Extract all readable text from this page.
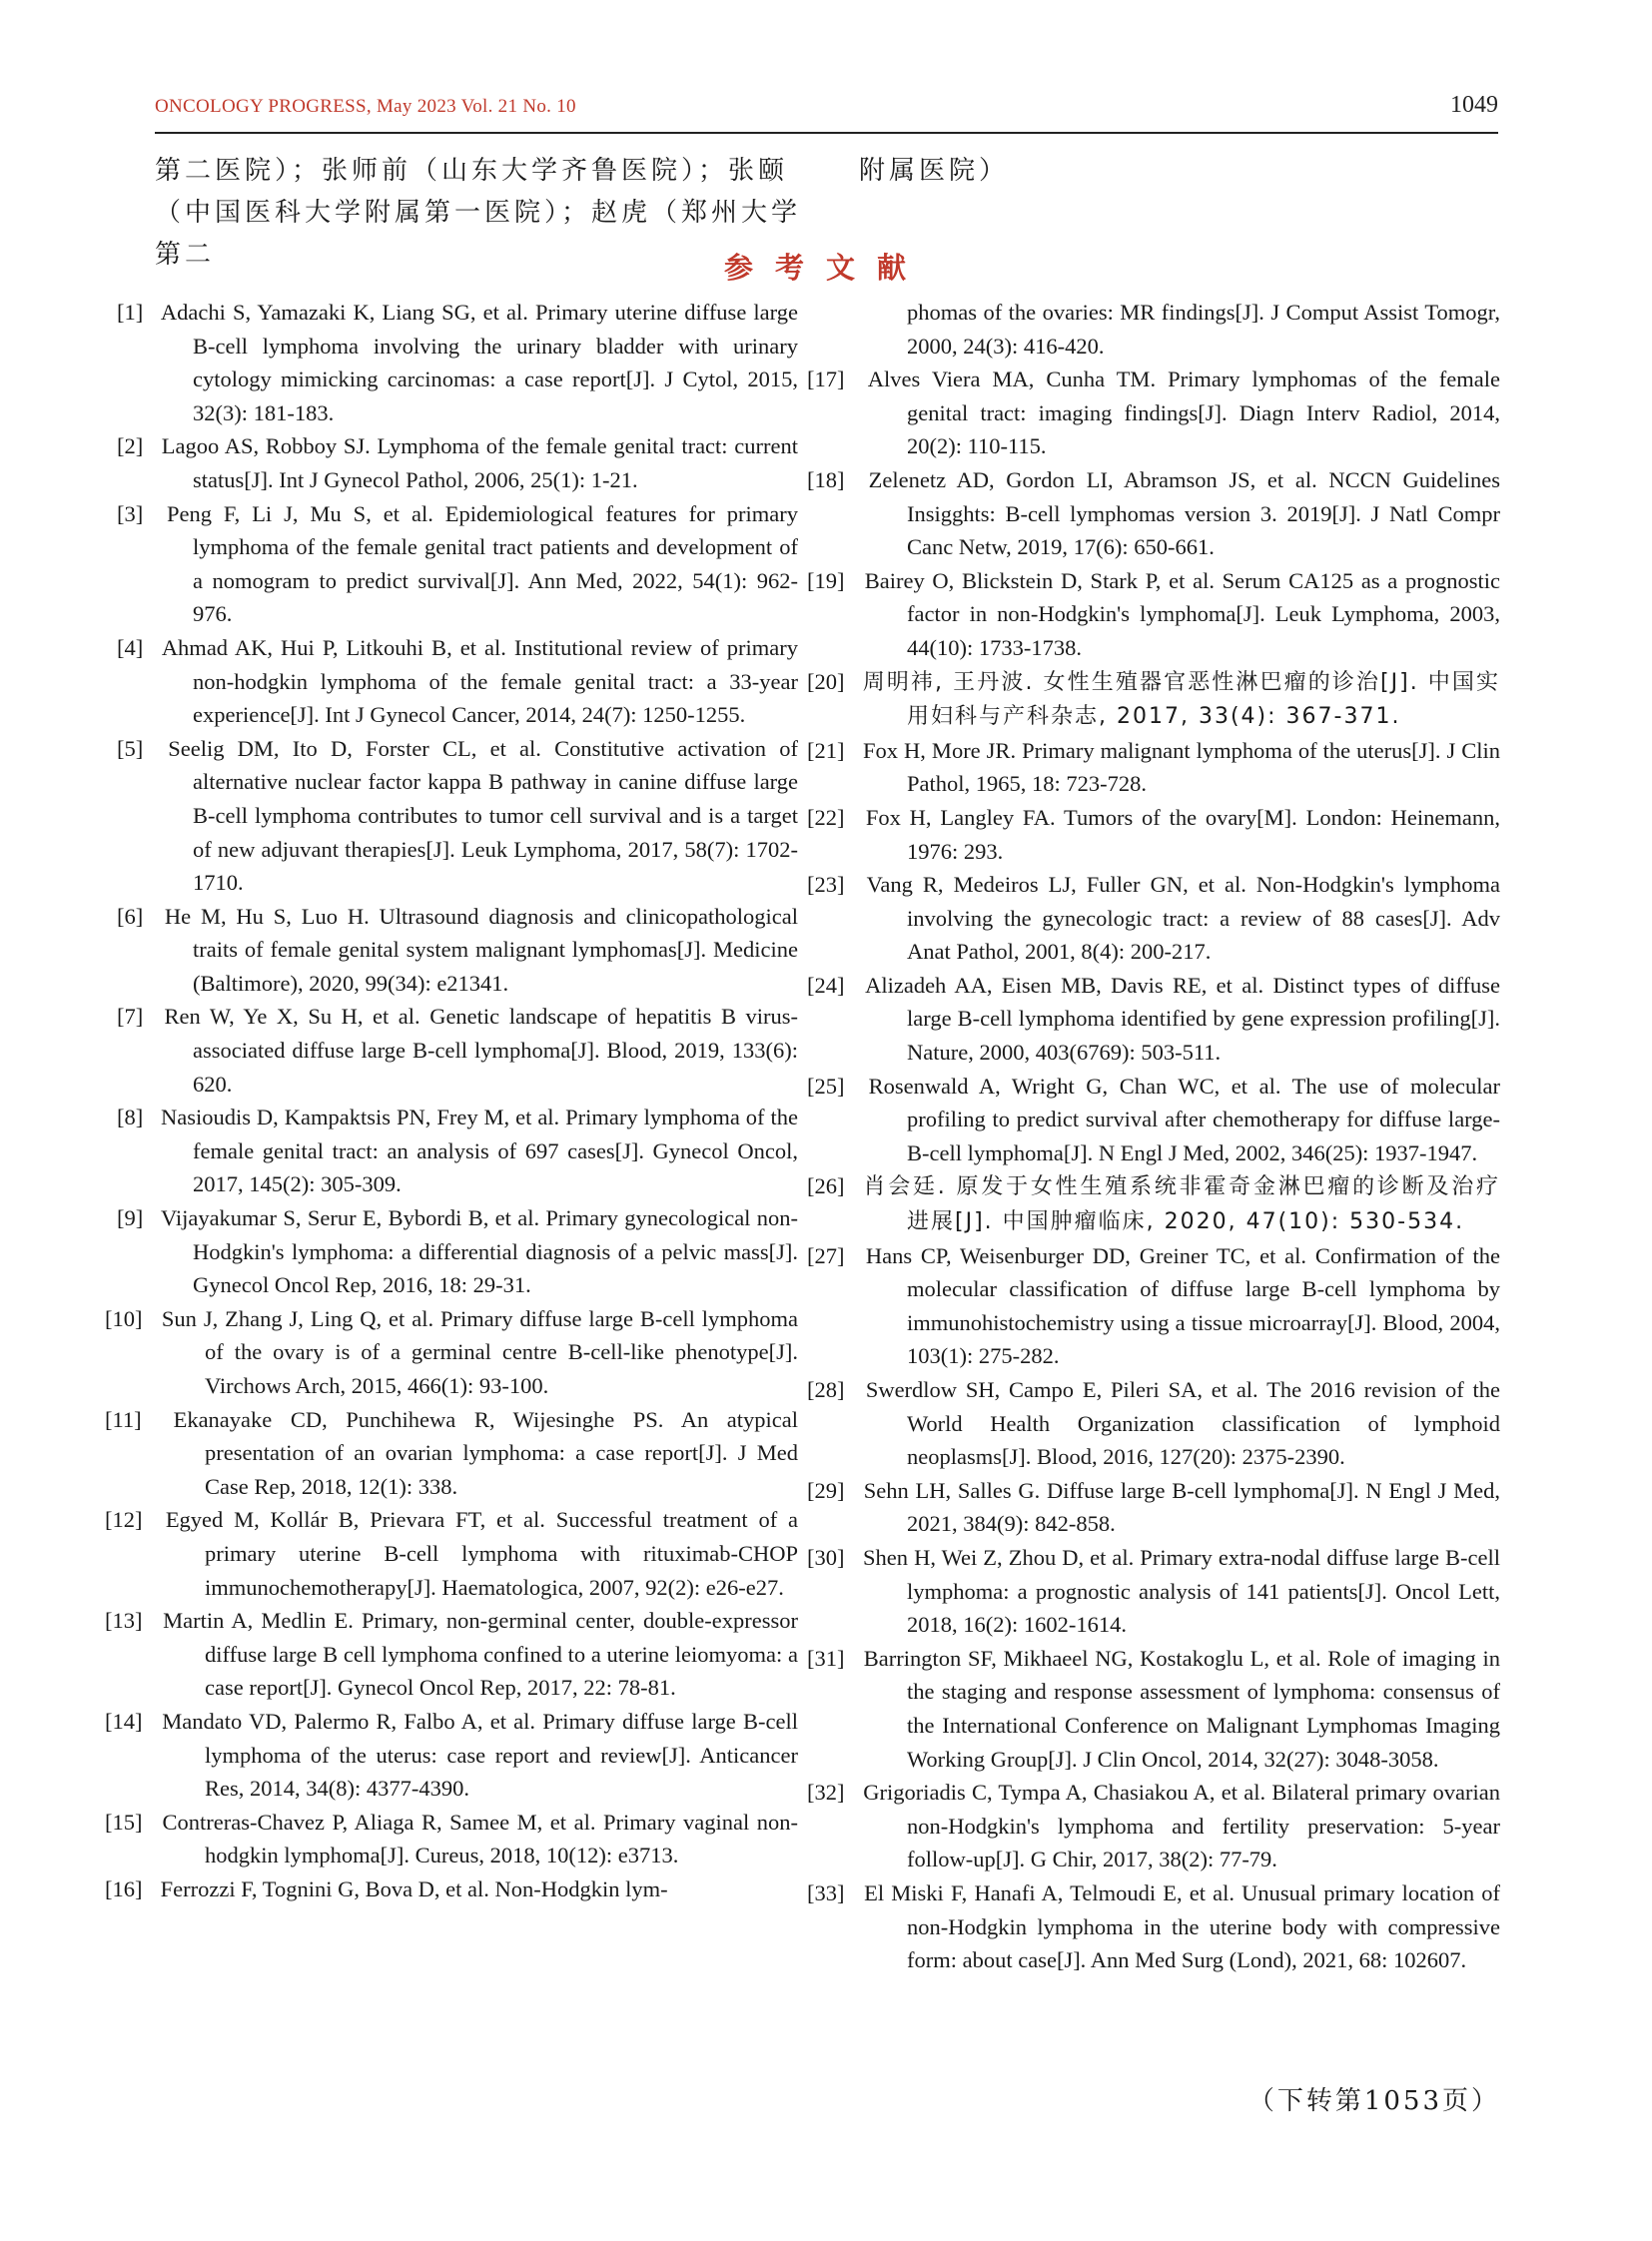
ONCOLOGY PROGRESS, May 2023 Vol. 21 No. 10	1049
第二医院）；张师前（山东大学齐鲁医院）；张颐（中国医科大学附属第一医院）；赵虎（郑州大学第二
附属医院）
参考文献

[1] Adachi S, Yamazaki K, Liang SG, et al. Primary uterine diffuse large B-cell lymphoma involving the urinary bladder with urinary cytology mimicking carcinomas: a case report[J]. J Cytol, 2015, 32(3): 181-183.

[2] Lagoo AS, Robboy SJ. Lymphoma of the female genital tract: current status[J]. Int J Gynecol Pathol, 2006, 25(1): 1-21.

[3] Peng F, Li J, Mu S, et al. Epidemiological features for primary lymphoma of the female genital tract patients and development of a nomogram to predict survival[J]. Ann Med, 2022, 54(1): 962-976.

[4] Ahmad AK, Hui P, Litkouhi B, et al. Institutional review of primary non-hodgkin lymphoma of the female genital tract: a 33-year experience[J]. Int J Gynecol Cancer, 2014, 24(7): 1250-1255.

[5] Seelig DM, Ito D, Forster CL, et al. Constitutive activation of alternative nuclear factor kappa B pathway in canine diffuse large B-cell lymphoma contributes to tumor cell survival and is a target of new adjuvant therapies[J]. Leuk Lymphoma, 2017, 58(7): 1702-1710.

[6] He M, Hu S, Luo H. Ultrasound diagnosis and clinicopathological traits of female genital system malignant lymphomas[J]. Medicine (Baltimore), 2020, 99(34): e21341.

[7] Ren W, Ye X, Su H, et al. Genetic landscape of hepatitis B virus-associated diffuse large B-cell lymphoma[J]. Blood, 2019, 133(6): 620.

[8] Nasioudis D, Kampaktsis PN, Frey M, et al. Primary lymphoma of the female genital tract: an analysis of 697 cases[J]. Gynecol Oncol, 2017, 145(2): 305-309.

[9] Vijayakumar S, Serur E, Bybordi B, et al. Primary gynecological non-Hodgkin's lymphoma: a differential diagnosis of a pelvic mass[J]. Gynecol Oncol Rep, 2016, 18: 29-31.

[10] Sun J, Zhang J, Ling Q, et al. Primary diffuse large B-cell lymphoma of the ovary is of a germinal centre B-cell-like phenotype[J]. Virchows Arch, 2015, 466(1): 93-100.

[11] Ekanayake CD, Punchihewa R, Wijesinghe PS. An atypical presentation of an ovarian lymphoma: a case report[J]. J Med Case Rep, 2018, 12(1): 338.

[12] Egyed M, Kollár B, Prievara FT, et al. Successful treatment of a primary uterine B-cell lymphoma with rituximab-CHOP immunochemotherapy[J]. Haematologica, 2007, 92(2): e26-e27.

[13] Martin A, Medlin E. Primary, non-germinal center, double-expressor diffuse large B cell lymphoma confined to a uterine leiomyoma: a case report[J]. Gynecol Oncol Rep, 2017, 22: 78-81.

[14] Mandato VD, Palermo R, Falbo A, et al. Primary diffuse large B-cell lymphoma of the uterus: case report and review[J]. Anticancer Res, 2014, 34(8): 4377-4390.

[15] Contreras-Chavez P, Aliaga R, Samee M, et al. Primary vaginal non-hodgkin lymphoma[J]. Cureus, 2018, 10(12): e3713.

[16] Ferrozzi F, Tognini G, Bova D, et al. Non-Hodgkin lym-

phomas of the ovaries: MR findings[J]. J Comput Assist Tomogr, 2000, 24(3): 416-420.

[17] Alves Viera MA, Cunha TM. Primary lymphomas of the female genital tract: imaging findings[J]. Diagn Interv Radiol, 2014, 20(2): 110-115.

[18] Zelenetz AD, Gordon LI, Abramson JS, et al. NCCN Guidelines Insigghts: B-cell lymphomas version 3. 2019[J]. J Natl Compr Canc Netw, 2019, 17(6): 650-661.

[19] Bairey O, Blickstein D, Stark P, et al. Serum CA125 as a prognostic factor in non-Hodgkin's lymphoma[J]. Leuk Lymphoma, 2003, 44(10): 1733-1738.

[20] 周明祎, 王丹波. 女性生殖器官恶性淋巴瘤的诊治[J]. 中国实用妇科与产科杂志, 2017, 33(4): 367-371.

[21] Fox H, More JR. Primary malignant lymphoma of the uterus[J]. J Clin Pathol, 1965, 18: 723-728.

[22] Fox H, Langley FA. Tumors of the ovary[M]. London: Heinemann, 1976: 293.

[23] Vang R, Medeiros LJ, Fuller GN, et al. Non-Hodgkin's lymphoma involving the gynecologic tract: a review of 88 cases[J]. Adv Anat Pathol, 2001, 8(4): 200-217.

[24] Alizadeh AA, Eisen MB, Davis RE, et al. Distinct types of diffuse large B-cell lymphoma identified by gene expression profiling[J]. Nature, 2000, 403(6769): 503-511.

[25] Rosenwald A, Wright G, Chan WC, et al. The use of molecular profiling to predict survival after chemotherapy for diffuse large-B-cell lymphoma[J]. N Engl J Med, 2002, 346(25): 1937-1947.

[26] 肖会廷. 原发于女性生殖系统非霍奇金淋巴瘤的诊断及治疗进展[J]. 中国肿瘤临床, 2020, 47(10): 530-534.

[27] Hans CP, Weisenburger DD, Greiner TC, et al. Confirmation of the molecular classification of diffuse large B-cell lymphoma by immunohistochemistry using a tissue microarray[J]. Blood, 2004, 103(1): 275-282.

[28] Swerdlow SH, Campo E, Pileri SA, et al. The 2016 revision of the World Health Organization classification of lymphoid neoplasms[J]. Blood, 2016, 127(20): 2375-2390.

[29] Sehn LH, Salles G. Diffuse large B-cell lymphoma[J]. N Engl J Med, 2021, 384(9): 842-858.

[30] Shen H, Wei Z, Zhou D, et al. Primary extra-nodal diffuse large B-cell lymphoma: a prognostic analysis of 141 patients[J]. Oncol Lett, 2018, 16(2): 1602-1614.

[31] Barrington SF, Mikhaeel NG, Kostakoglu L, et al. Role of imaging in the staging and response assessment of lymphoma: consensus of the International Conference on Malignant Lymphomas Imaging Working Group[J]. J Clin Oncol, 2014, 32(27): 3048-3058.

[32] Grigoriadis C, Tympa A, Chasiakou A, et al. Bilateral primary ovarian non-Hodgkin's lymphoma and fertility preservation: 5-year follow-up[J]. G Chir, 2017, 38(2): 77-79.

[33] El Miski F, Hanafi A, Telmoudi E, et al. Unusual primary location of non-Hodgkin lymphoma in the uterine body with compressive form: about case[J]. Ann Med Surg (Lond), 2021, 68: 102607.

（下转第1053页）
